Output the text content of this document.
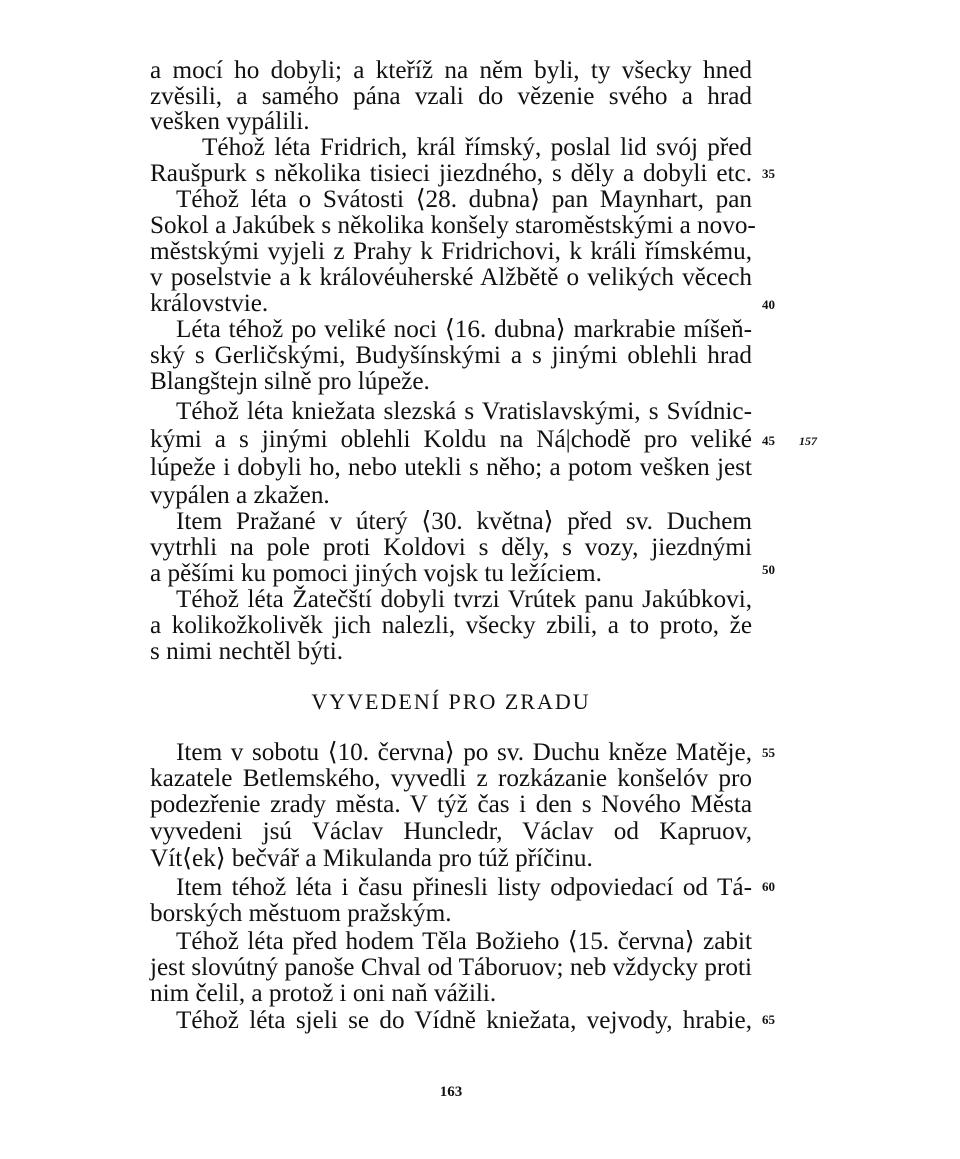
a mocí ho dobyli; a kteříž na něm byli, ty všecky hned
zvěsili, a samého pána vzali do vězenie svého a hrad
vešken vypálili.
Téhož léta Fridrich, král římský, poslal lid svój před
Raušpurk s několika tisieci jiezdného, s děly a dobyli etc.
Téhož léta o Svátosti ⟨28. dubna⟩ pan Maynhart, pan
Sokol a Jakúbek s několika konšely staroměstskými a novo-
městskými vyjeli z Prahy k Fridrichovi, k králi římskému,
v poselstvie a k královéuherské Alžbětě o velikých věcech
královstvie.
Léta téhož po veliké noci ⟨16. dubna⟩ markrabie míšeň-
ský s Gerličskými, Budyšínskými a s jinými oblehli hrad
Blangštejn silně pro lúpeže.
Téhož léta kniežata slezská s Vratislavskými, s Svídnic-
kými a s jinými oblehli Koldu na Ná|chodě pro veliké
lúpeže i dobyli ho, nebo utekli s něho; a potom vešken jest
vypálen a zkažen.
Item Pražané v úterý ⟨30. května⟩ před sv. Duchem
vytrhli na pole proti Koldovi s děly, s vozy, jiezdnými
a pěšími ku pomoci jiných vojsk tu ležíciem.
Téhož léta Žatečští dobyli tvrzi Vrútek panu Jakúbkovi,
a kolikožkolivěk jich nalezli, všecky zbili, a to proto, že
s nimi nechtěl býti.
VYVEDENÍ PRO ZRADU
Item v sobotu ⟨10. června⟩ po sv. Duchu kněze Matěje,
kazatele Betlemského, vyvedli z rozkázanie konšelóv pro
podezřenie zrady města. V týž čas i den s Nového Města
vyvedeni jsú Václav Huncledr, Václav od Kapruov,
Vít⟨ek⟩ bečvář a Mikulanda pro túž příčinu.
Item téhož léta i času přinesli listy odpoviedací od Tá-
borských městuom pražským.
Téhož léta před hodem Těla Božieho ⟨15. června⟩ zabit
jest slovútný panoše Chval od Táboruov; neb vždycky proti
nim čelil, a protož i oni naň vážili.
Téhož léta sjeli se do Vídně kniežata, vejvody, hrabie,
35
40
45
50
55
60
65
157
163
